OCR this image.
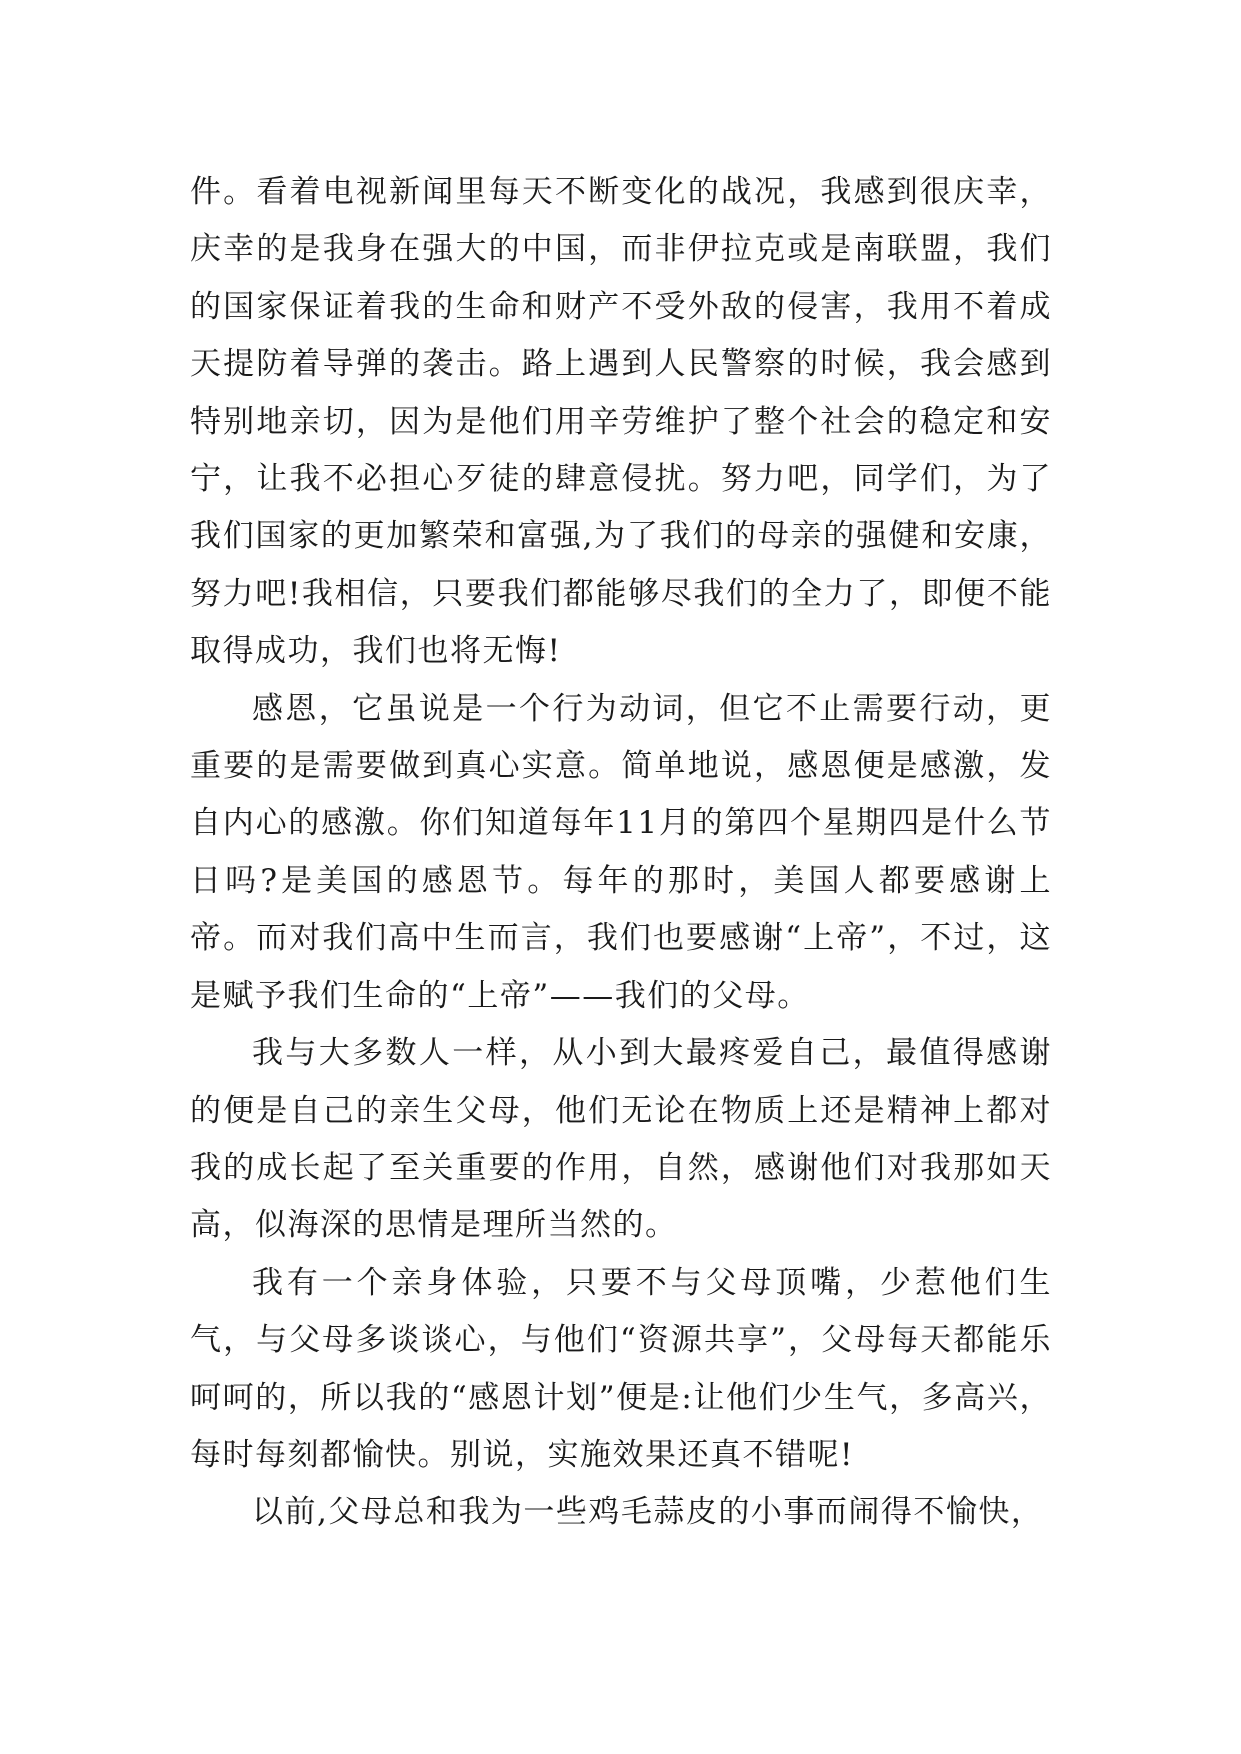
件。看着电视新闻里每天不断变化的战况，我感到很庆幸，庆幸的是我身在强大的中国，而非伊拉克或是南联盟，我们的国家保证着我的生命和财产不受外敌的侵害，我用不着成天提防着导弹的袭击。路上遇到人民警察的时候，我会感到特别地亲切，因为是他们用辛劳维护了整个社会的稳定和安宁，让我不必担心歹徒的肆意侵扰。努力吧，同学们，为了我们国家的更加繁荣和富强,为了我们的母亲的强健和安康，努力吧!我相信，只要我们都能够尽我们的全力了，即便不能取得成功，我们也将无悔!

感恩，它虽说是一个行为动词，但它不止需要行动，更重要的是需要做到真心实意。简单地说，感恩便是感激，发自内心的感激。你们知道每年11月的第四个星期四是什么节日吗?是美国的感恩节。每年的那时，美国人都要感谢上帝。而对我们高中生而言，我们也要感谢“上帝”，不过，这是赋予我们生命的“上帝”——我们的父母。

我与大多数人一样，从小到大最疼爱自己，最值得感谢的便是自己的亲生父母，他们无论在物质上还是精神上都对我的成长起了至关重要的作用，自然，感谢他们对我那如天高，似海深的思情是理所当然的。

我有一个亲身体验，只要不与父母顶嘴，少惹他们生气，与父母多谈谈心，与他们“资源共享”，父母每天都能乐呵呵的，所以我的“感恩计划”便是:让他们少生气，多高兴，每时每刻都愉快。别说，实施效果还真不错呢!

以前,父母总和我为一些鸡毛蒜皮的小事而闹得不愉快，
